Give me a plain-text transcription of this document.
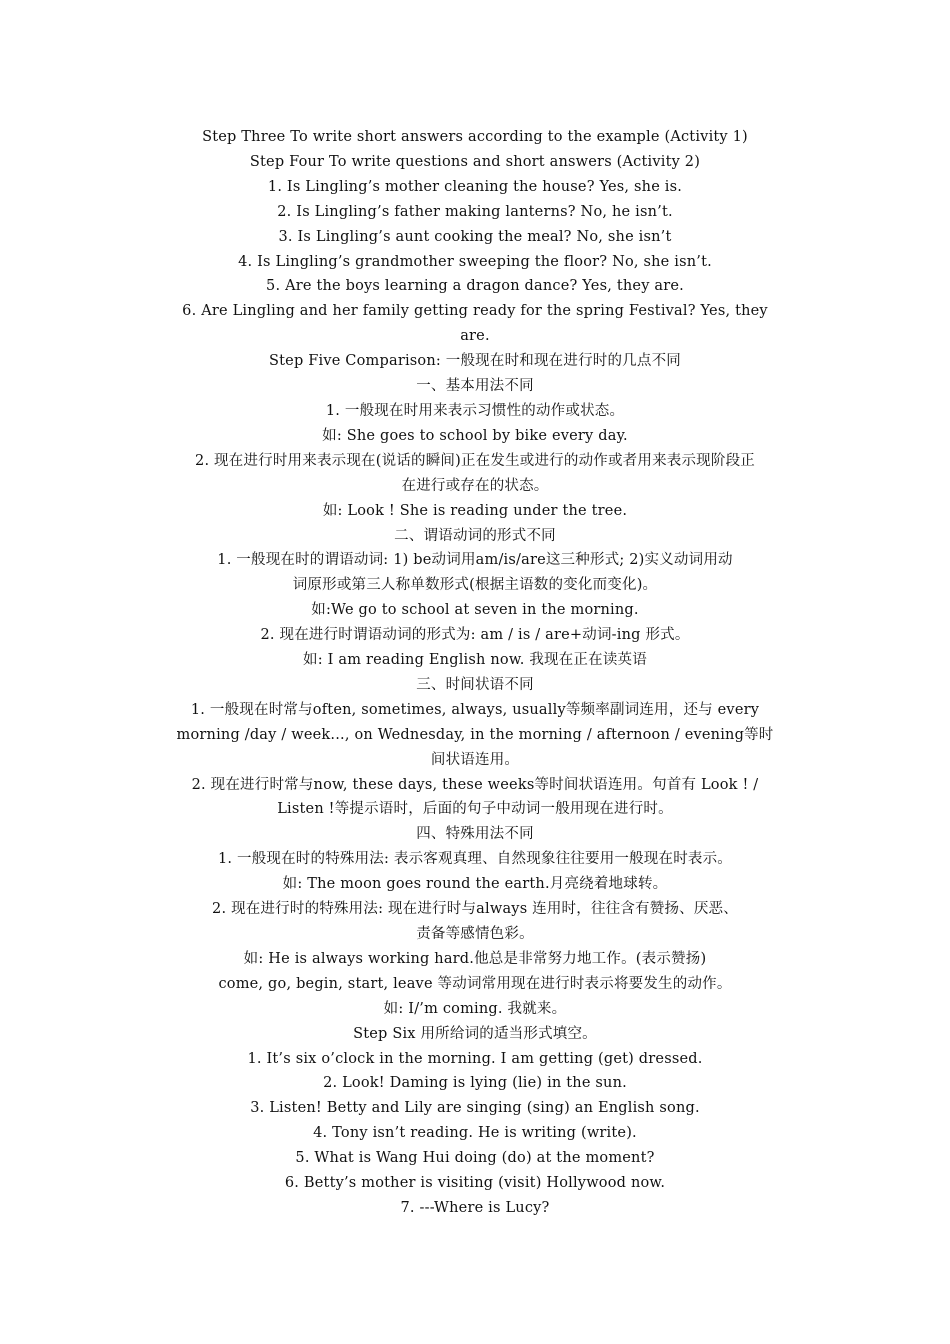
Step Three To write short answers according to the example (Activity 1)
Step Four To write questions and short answers (Activity 2)
1. Is Lingling’s mother cleaning the house? Yes, she is.
2. Is Lingling’s father making lanterns? No, he isn’t.
3. Is Lingling’s aunt cooking the meal? No, she isn’t
4. Is Lingling’s grandmother sweeping the floor? No, she isn’t.
5. Are the boys learning a dragon dance? Yes, they are.
6. Are Lingling and her family getting ready for the spring Festival? Yes, they
are.
Step Five Comparison: 一般现在时和现在进行时的几点不同
一、基本用法不同
1. 一般现在时用来表示习惯性的动作或状态。
如: She goes to school by bike every day.
2. 现在进行时用来表示现在(说话的瞬间)正在发生或进行的动作或者用来表示现阶段正
在进行或存在的状态。
如: Look ! She is reading under the tree.
二、谓语动词的形式不同
1. 一般现在时的谓语动词: 1) be动词用am/is/are这三种形式; 2)实义动词用动
词原形或第三人称单数形式(根据主语数的变化而变化)。
如:We go to school at seven in the morning.
2. 现在进行时谓语动词的形式为: am / is / are+动词-ing 形式。
如: I am reading English now. 我现在正在读英语
三、时间状语不同
1. 一般现在时常与often, sometimes, always, usually等频率副词连用，还与 every
morning /day / week..., on Wednesday, in the morning / afternoon / evening等时
间状语连用。
2. 现在进行时常与now, these days, these weeks等时间状语连用。句首有 Look ! /
Listen !等提示语时，后面的句子中动词一般用现在进行时。
四、特殊用法不同
1. 一般现在时的特殊用法: 表示客观真理、自然现象往往要用一般现在时表示。
如: The moon goes round the earth.月亮绕着地球转。
2. 现在进行时的特殊用法: 现在进行时与always 连用时，往往含有赞扬、厌恶、
责备等感情色彩。
如: He is always working hard.他总是非常努力地工作。(表示赞扬)
come, go, begin, start, leave 等动词常用现在进行时表示将要发生的动作。
如: I/’m coming. 我就来。
Step Six 用所给词的适当形式填空。
1. It’s six o’clock in the morning. I am getting (get) dressed.
2. Look! Daming is lying (lie) in the sun.
3. Listen! Betty and Lily are singing (sing) an English song.
4. Tony isn’t reading. He is writing (write).
5. What is Wang Hui doing (do) at the moment?
6. Betty’s mother is visiting (visit) Hollywood now.
7. ---Where is Lucy?
